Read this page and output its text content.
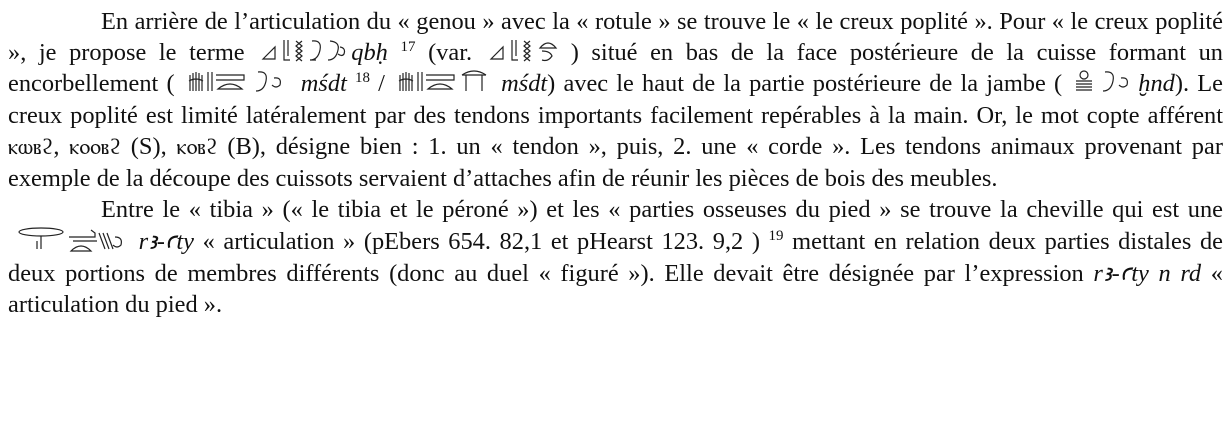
En arrière de l’articulation du « genou » avec la « rotule » se trouve le « le creux poplité ». Pour « le creux poplité », je propose le terme	qbḥ $^{17}$ (var.	) situé en bas de la face postérieure de la cuisse formant un encorbellement (	mśdt $^{18}$ /	mśdt) avec le haut de la partie postérieure de la jambe (	ḫnd). Le creux poplité est limité latéralement par des tendons importants facilement repérables à la main. Or, le mot copte afférent ⲕⲱⲃϩ, ⲕⲟⲟⲃϩ (S), ⲕⲟⲃϩ (B), désigne bien : 1. un « tendon », puis, 2. une « corde ». Les tendons animaux provenant par exemple de la découpe des cuissots servaient d’attaches afin de réunir les pièces de bois des meubles.

Entre le « tibia » (« le tibia et le péroné ») et les « parties osseuses du pied » se trouve la cheville qui est une
rꜣ-ꜥty « articulation » (pEbers 654. 82,1 et pHearst 123. 9,2 ) $^{19}$ mettant en relation deux parties distales de deux portions de membres différents (donc au duel « figuré »). Elle devait être désignée par l’expression rꜣ-ꜥty n rd « articulation du pied ».
